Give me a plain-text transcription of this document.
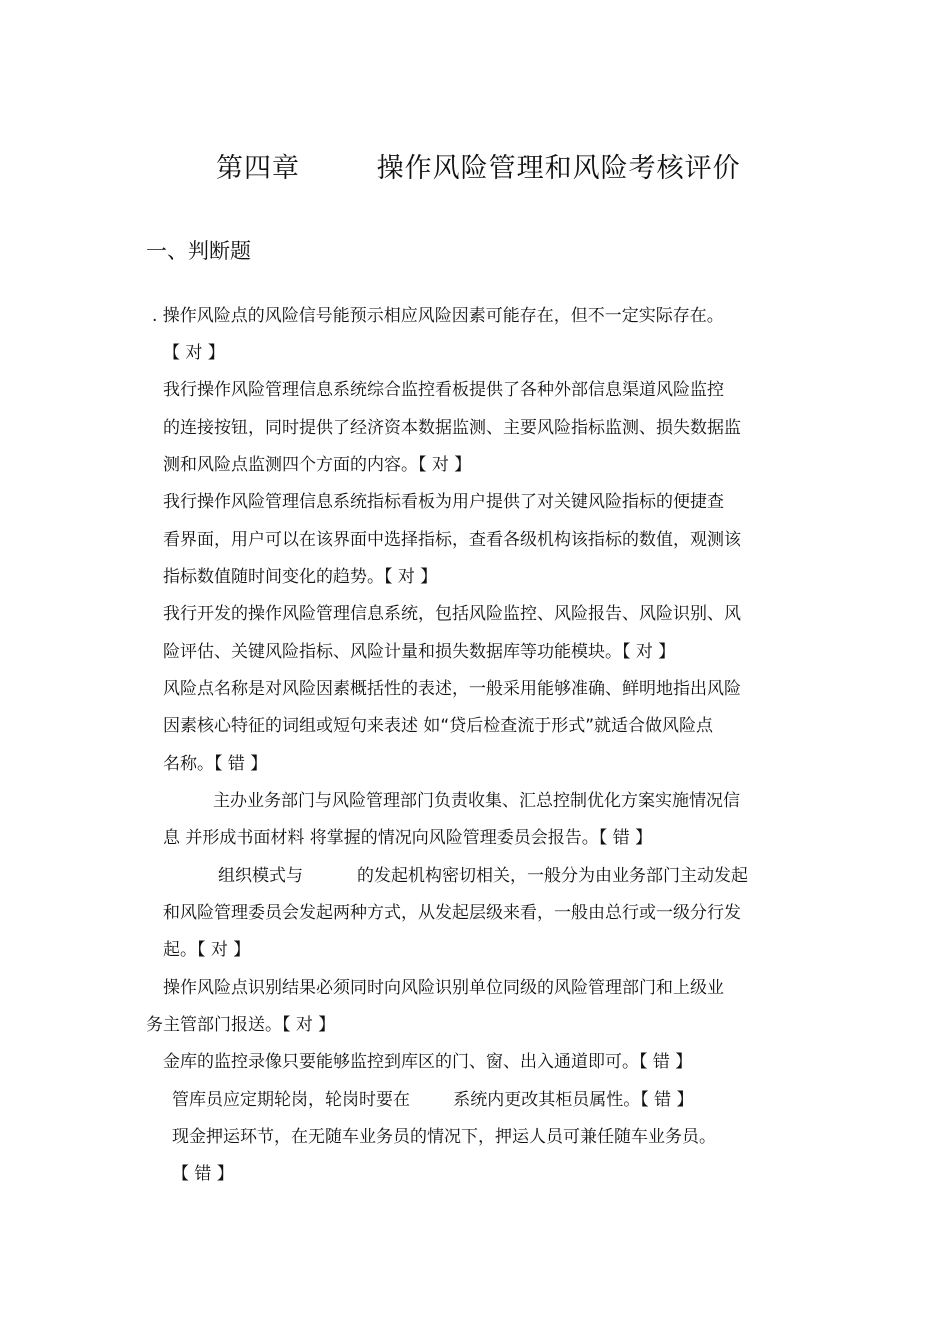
第四章        操作风险管理和风险考核评价
一、判断题
. 操作风险点的风险信号能预示相应风险因素可能存在，但不一定实际存在。
【 对 】
我行操作风险管理信息系统综合监控看板提供了各种外部信息渠道风险监控
的连接按钮，同时提供了经济资本数据监测、主要风险指标监测、损失数据监
测和风险点监测四个方面的内容。【 对 】
我行操作风险管理信息系统指标看板为用户提供了对关键风险指标的便捷查
看界面，用户可以在该界面中选择指标，查看各级机构该指标的数值，观测该
指标数值随时间变化的趋势。【 对 】
我行开发的操作风险管理信息系统，包括风险监控、风险报告、风险识别、风
险评估、关键风险指标、风险计量和损失数据库等功能模块。【 对 】
风险点名称是对风险因素概括性的表述，一般采用能够准确、鲜明地指出风险
因素核心特征的词组或短句来表述 如“贷后检查流于形式”就适合做风险点
名称。【 错 】
主办业务部门与风险管理部门负责收集、汇总控制优化方案实施情况信
息 并形成书面材料 将掌握的情况向风险管理委员会报告。【 错 】
组织模式与          的发起机构密切相关，一般分为由业务部门主动发起
和风险管理委员会发起两种方式，从发起层级来看，一般由总行或一级分行发
起。【 对 】
操作风险点识别结果必须同时向风险识别单位同级的风险管理部门和上级业
务主管部门报送。【 对 】
金库的监控录像只要能够监控到库区的门、窗、出入通道即可。【 错 】
管库员应定期轮岗，轮岗时要在        系统内更改其柜员属性。【 错 】
现金押运环节，在无随车业务员的情况下，押运人员可兼任随车业务员。
【 错 】
